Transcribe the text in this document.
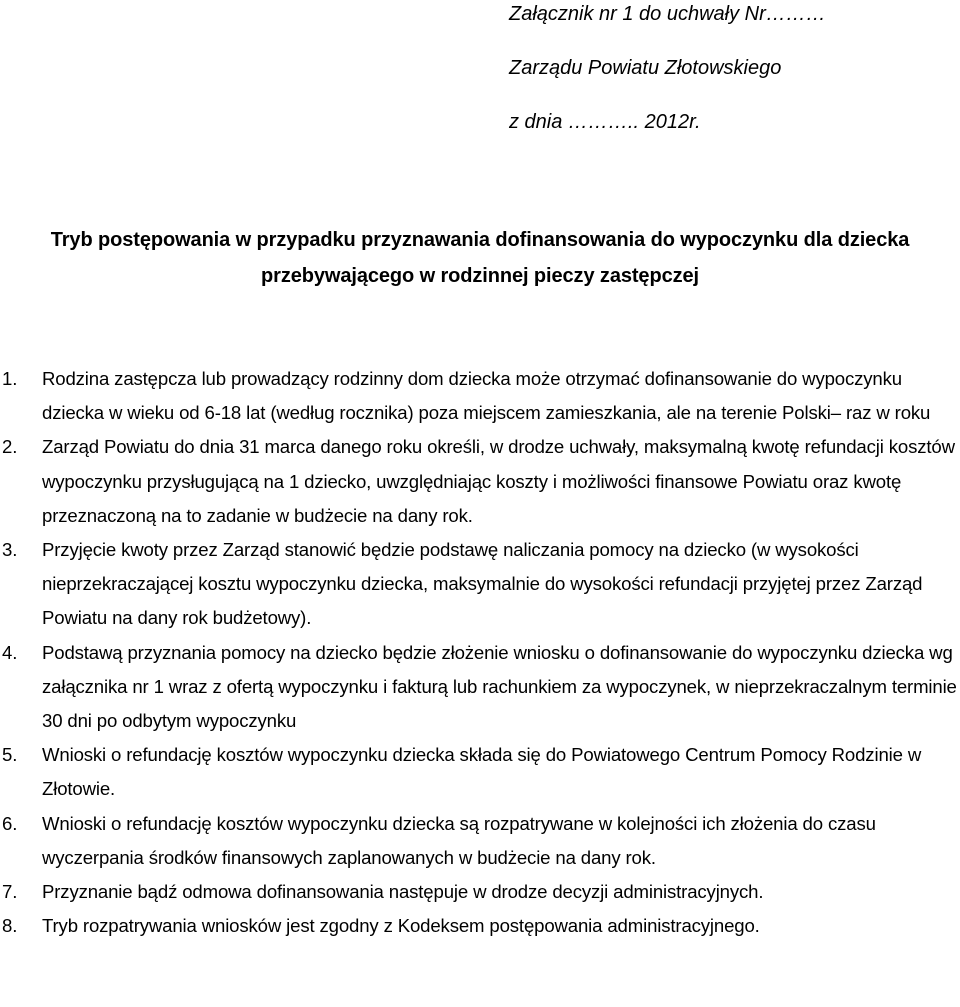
Załącznik nr 1 do uchwały Nr………
Zarządu Powiatu Złotowskiego
z dnia ……….. 2012r.
Tryb postępowania w przypadku przyznawania dofinansowania do wypoczynku dla dziecka
przebywającego w rodzinnej pieczy zastępczej
1. Rodzina zastępcza lub prowadzący rodzinny dom dziecka może otrzymać dofinansowanie do wypoczynku dziecka w wieku od 6-18 lat (według rocznika) poza miejscem zamieszkania, ale na terenie Polski– raz w roku
2. Zarząd Powiatu do dnia 31 marca danego roku określi, w drodze uchwały, maksymalną kwotę refundacji kosztów wypoczynku przysługującą na 1 dziecko, uwzględniając koszty i możliwości finansowe Powiatu oraz kwotę przeznaczoną na to zadanie w budżecie na dany rok.
3. Przyjęcie kwoty przez Zarząd stanowić będzie podstawę naliczania pomocy na dziecko (w wysokości nieprzekraczającej kosztu wypoczynku dziecka, maksymalnie do wysokości refundacji przyjętej przez Zarząd Powiatu na dany rok budżetowy).
4. Podstawą przyznania pomocy na dziecko będzie złożenie wniosku o dofinansowanie do wypoczynku dziecka wg załącznika nr 1 wraz z ofertą wypoczynku i fakturą lub rachunkiem za wypoczynek, w nieprzekraczalnym terminie 30 dni po odbytym wypoczynku
5. Wnioski o refundację kosztów wypoczynku dziecka składa się do Powiatowego Centrum Pomocy Rodzinie w Złotowie.
6. Wnioski o refundację kosztów wypoczynku dziecka są rozpatrywane w kolejności ich złożenia do czasu wyczerpania środków finansowych zaplanowanych w budżecie na dany rok.
7. Przyznanie bądź odmowa dofinansowania następuje w drodze decyzji administracyjnych.
8. Tryb rozpatrywania wniosków jest zgodny z Kodeksem postępowania administracyjnego.
